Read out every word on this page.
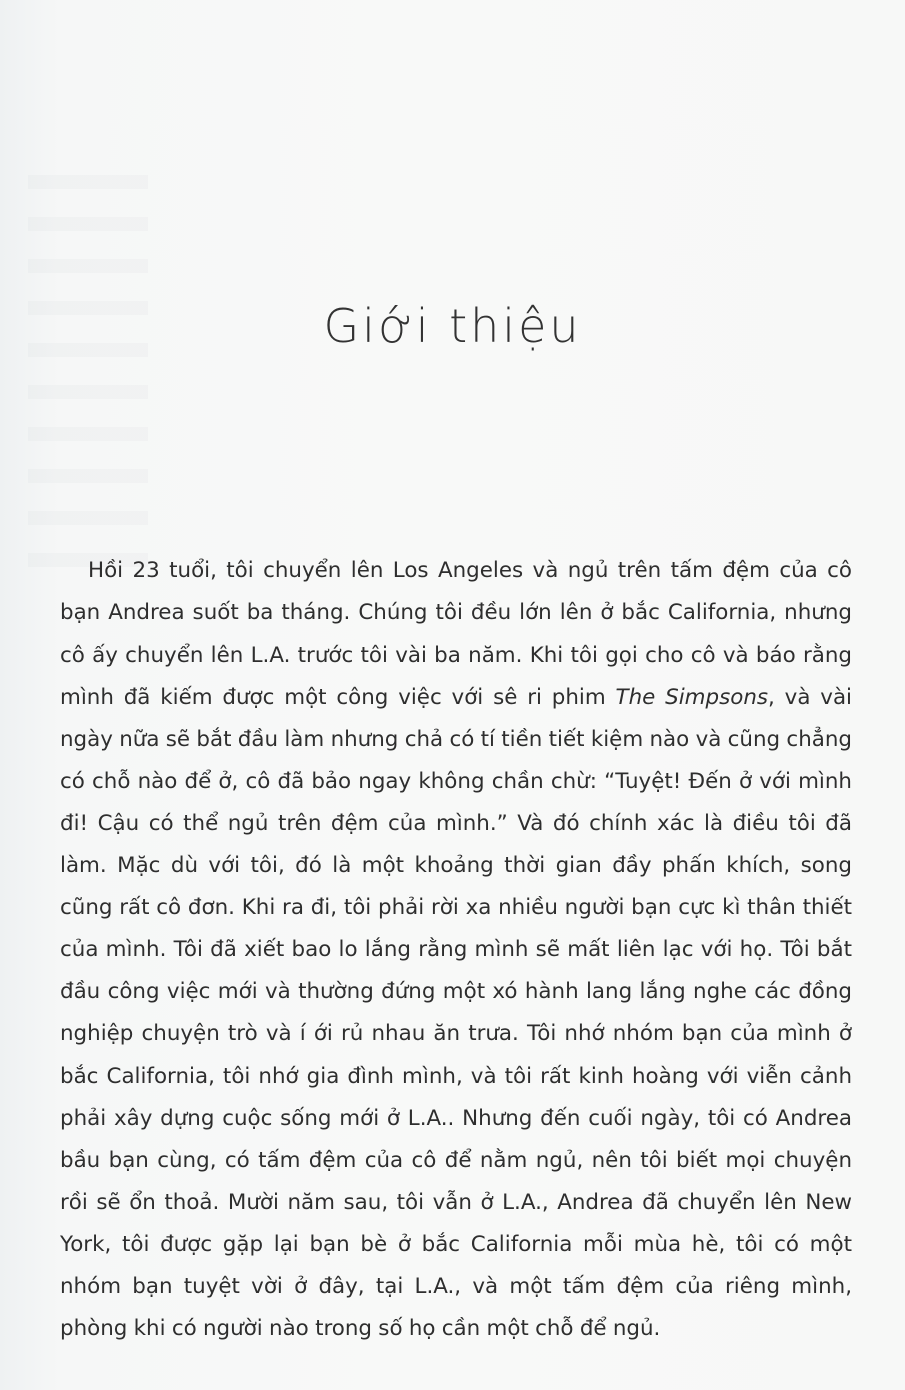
Giới thiệu

Hồi 23 tuổi, tôi chuyển lên Los Angeles và ngủ trên tấm đệm của cô bạn Andrea suốt ba tháng. Chúng tôi đều lớn lên ở bắc California, nhưng cô ấy chuyển lên L.A. trước tôi vài ba năm. Khi tôi gọi cho cô và báo rằng mình đã kiếm được một công việc với sê ri phim The Simpsons, và vài ngày nữa sẽ bắt đầu làm nhưng chả có tí tiền tiết kiệm nào và cũng chẳng có chỗ nào để ở, cô đã bảo ngay không chần chừ: “Tuyệt! Đến ở với mình đi! Cậu có thể ngủ trên đệm của mình.” Và đó chính xác là điều tôi đã làm. Mặc dù với tôi, đó là một khoảng thời gian đầy phấn khích, song cũng rất cô đơn. Khi ra đi, tôi phải rời xa nhiều người bạn cực kì thân thiết của mình. Tôi đã xiết bao lo lắng rằng mình sẽ mất liên lạc với họ. Tôi bắt đầu công việc mới và thường đứng một xó hành lang lắng nghe các đồng nghiệp chuyện trò và í ới rủ nhau ăn trưa. Tôi nhớ nhóm bạn của mình ở bắc California, tôi nhớ gia đình mình, và tôi rất kinh hoàng với viễn cảnh phải xây dựng cuộc sống mới ở L.A.. Nhưng đến cuối ngày, tôi có Andrea bầu bạn cùng, có tấm đệm của cô để nằm ngủ, nên tôi biết mọi chuyện rồi sẽ ổn thoả. Mười năm sau, tôi vẫn ở L.A., Andrea đã chuyển lên New York, tôi được gặp lại bạn bè ở bắc California mỗi mùa hè, tôi có một nhóm bạn tuyệt vời ở đây, tại L.A., và một tấm đệm của riêng mình, phòng khi có người nào trong số họ cần một chỗ để ngủ.
